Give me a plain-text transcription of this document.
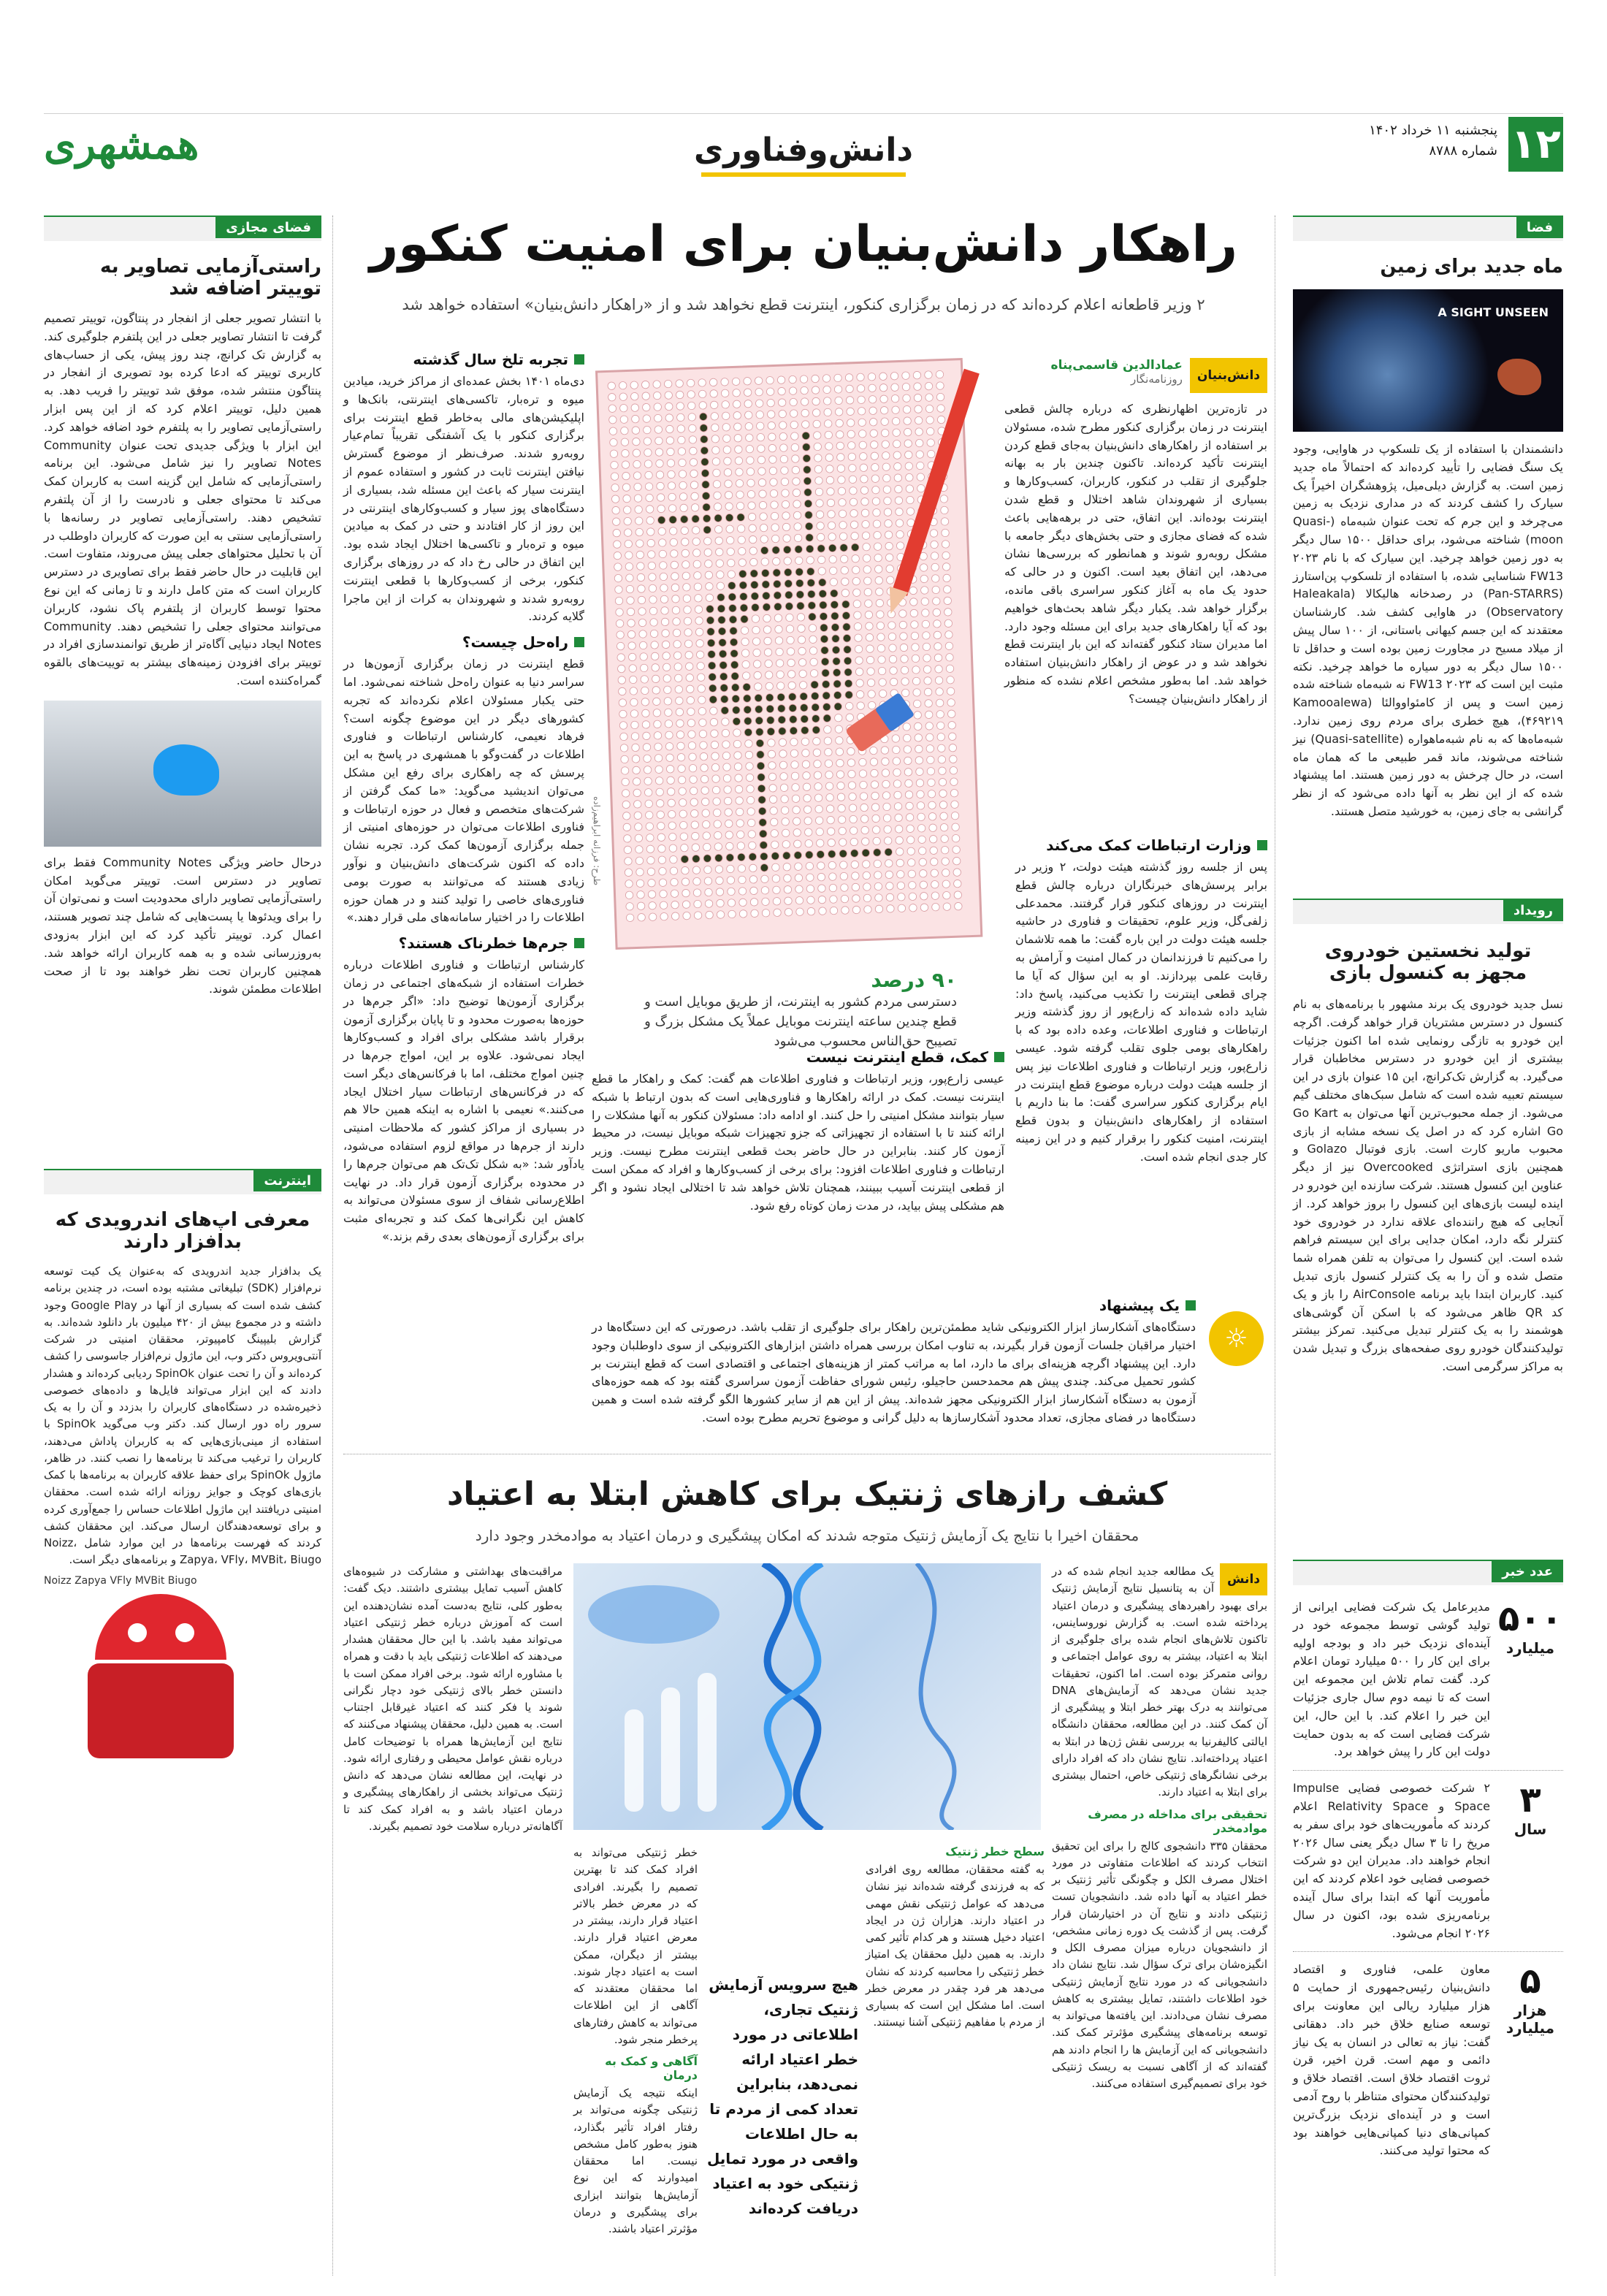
۱۲
پنجشنبه ۱۱ خرداد ۱۴۰۲
شماره ۸۷۸۸
دانش‌وفناوری
همشهری
فضا
ماه جدید برای زمین
A SIGHT UNSEEN

دانشمندان با استفاده از یک تلسکوپ در هاوایی، وجود یک سنگ فضایی را تأیید کرده‌اند که احتمالاً ماه جدید زمین است. به گزارش دیلی‌میل، پژوهشگران اخیراً یک سیارک را کشف کردند که در مداری نزدیک به زمین می‌چرخد و این جرم که تحت عنوان شبه‌ماه (Quasi-moon) شناخته می‌شود، برای حداقل ۱۵۰۰ سال دیگر به دور زمین خواهد چرخید. این سیارک که با نام ۲۰۲۳ FW13 شناسایی شده، با استفاده از تلسکوپ پن‌استارز (Pan-STARRS) در رصدخانه هالیکالا (Haleakala Observatory) در هاوایی کشف شد. کارشناسان معتقدند که این جسم کیهانی باستانی، از ۱۰۰ سال پیش از میلاد مسیح در مجاورت زمین بوده است و حداقل تا ۱۵۰۰ سال دیگر به دور سیاره ما خواهد چرخید. نکته مثبت این است که FW13 ۲۰۲۳ نه شبه‌ماه شناخته شده زمین است و پس از کامئو‌اووالئا (Kamooalewa ۴۶۹۲۱۹)، هیچ خطری برای مردم روی زمین ندارد. شبه‌ماه‌ها که به نام شبه‌ماهواره (Quasi-satellite) نیز شناخته می‌شوند، ماند قمر طبیعی ما که همان ماه است، در حال چرخش به دور زمین هستند. اما پیشنهاد شده که از این نظر به آنها داده می‌شود که از نظر گرانشی به جای زمین، به خورشید متصل هستند.

رویداد
تولید نخستین خودروی مجهز به کنسول بازی

نسل جدید خودروی یک برند مشهور با برنامه‌های به نام کنسول در دسترس مشتریان قرار خواهد گرفت. اگرچه این خودرو به تازگی رونمایی شده اما اکنون جزئیات بیشتری از این خودرو در دسترس مخاطبان قرار می‌گیرد. به گزارش تک‌کرانچ، این ۱۵ عنوان بازی در این سیستم تعبیه شده است که شامل سبک‌های مختلف گیم می‌شود. از جمله محبوب‌ترین آنها می‌توان به Go Kart Go اشاره کرد که در اصل یک نسخه مشابه از بازی محبوب ماریو کارت است. بازی فوتبال Golazo و همچنین بازی استراتژی Overcooked نیز از دیگر عناوین این کنسول هستند. شرکت سازنده این خودرو در اینده لیست بازی‌های این کنسول را بروز خواهد کرد. از آنجایی که هیچ راننده‌ای علاقه ندارد در خودروی خود کنترلر نگه دارد، امکان جدایی برای این سیستم فراهم شده است. این کنسول را می‌توان به تلفن همراه شما متصل شده و آن را به یک کنترلر کنسول بازی تبدیل کنید. کاربران ابتدا باید برنامه AirConsole را باز و یک کد QR ظاهر می‌شود که با اسکن آن گوشی‌های هوشمند را به یک کنترلر تبدیل می‌کنید. تمرکز بیشتر تولیدکنندگان خودرو روی صفحه‌های بزرگ و تبدیل شدن به مراکز سرگرمی است.

عدد خبر
۵۰۰
میلیارد

مدیرعامل یک شرکت فضایی ایرانی از تولید گوشی توسط مجموعه خود در آینده‌ای نزدیک خبر داد و بودجه اولیه برای این کار را ۵۰۰ میلیارد تومان اعلام کرد. گفت تمام تلاش این مجموعه این است که تا نیمه دوم سال جاری جزئیات این خبر را اعلام کند. با این حال، این شرکت فضایی است که به بدون حمایت دولت این کار را پیش خواهد برد.

۳
سال

۲ شرکت خصوصی فضایی Impulse Space و Relativity Space اعلام کردند که مأموریت‌های خود برای سفر به مریخ را تا ۳ سال دیگر یعنی سال ۲۰۲۶ انجام خواهند داد. مدیران این دو شرکت خصوصی فضایی خود اعلام کردند که این مأموریت آنها که ابتدا برای سال آینده برنامه‌ریزی شده بود، اکنون در سال ۲۰۲۶ انجام می‌شود.

۵
هزار میلیارد

معاون علمی، فناوری و اقتصاد دانش‌بنیان رئیس‌جمهوری از حمایت ۵ هزار میلیارد ریالی این معاونت برای توسعه صنایع خلاق خبر داد. دهقانی گفت: نیاز به تعالی در انسان به یک نیاز دائمی و مهم است. قرن اخیر، قرن ثروت اقتصاد خلاق است. اقتصاد خلاق و تولیدکنندگان محتوای متناظر با روح آدمی است و در آینده‌ای نزدیک بزرگ‌ترین کمپانی‌های دنیا کمپانی‌هایی خواهند بود که محتوا تولید می‌کنند.

راهکار دانش‌بنیان برای امنیت کنکور
۲ وزیر قاطعانه اعلام کرده‌اند که در زمان برگزاری کنکور، اینترنت قطع نخواهد شد و از «راهکار دانش‌بنیان» استفاده خواهد شد
دانش‌بنیان
عمادالدین قاسمی‌پناه
روزنامه‌نگار

در تازه‌ترین اظهارنظری که درباره چالش قطعی اینترنت در زمان برگزاری کنکور مطرح شده، مسئولان بر استفاده از راهکارهای دانش‌بنیان به‌جای قطع کردن اینترنت تأکید کرده‌اند. تاکنون چندین بار به بهانه جلوگیری از تقلب در کنکور، کاربران، کسب‌وکارها و بسیاری از شهروندان شاهد اختلال و قطع شدن اینترنت بوده‌اند. این اتفاق، حتی در برهه‌هایی باعث شده که فضای مجازی و حتی بخش‌های دیگر جامعه با مشکل روبه‌رو شوند و همانطور که بررسی‌ها نشان می‌دهد، این اتفاق بعید است. اکنون و در حالی که حدود یک ماه به آغاز کنکور سراسری باقی مانده، برگزار خواهد شد. یکبار دیگر شاهد بحث‌های خواهیم بود که آیا راهکارهای جدید برای این مسئله وجود دارد. اما مدیران ستاد کنکور گفته‌اند که این بار اینترنت قطع نخواهد شد و در عوض از راهکار دانش‌بنیان استفاده خواهد شد. اما به‌طور مشخص اعلام نشده که منظور از راهکار دانش‌بنیان چیست؟

طرح: فرزانه ابراهیم‌زاده
تجربه تلخ سال گذشته

دی‌ماه ۱۴۰۱ بخش عمده‌ای از مراکز خرید، میادین میوه و تره‌بار، تاکسی‌های اینترنتی، بانک‌ها و اپلیکیشن‌های مالی به‌خاطر قطع اینترنت برای برگزاری کنکور با یک آشفتگی تقریباً تمام‌عیار روبه‌رو شدند. صرف‌نظر از موضوع گسترش نیافتن اینترنت ثابت در کشور و استفاده عموم از اینترنت سیار که باعث این مسئله شد، بسیاری از دستگاه‌های پوز سیار و کسب‌وکارهای اینترنتی در این روز از کار افتادند و حتی در کمک به میادین میوه و تره‌بار و تاکسی‌ها اختلال ایجاد شده بود. این اتفاق در حالی رخ داد که در روزهای برگزاری کنکور، برخی از کسب‌وکارها با قطعی اینترنت روبه‌رو شدند و شهروندان به کرات از این ماجرا گلایه کردند.

راه‌حل چیست؟

قطع اینترنت در زمان برگزاری آزمون‌ها در سراسر دنیا به عنوان راه‌حل شناخته نمی‌شود. اما حتی یکبار مسئولان اعلام نکرده‌اند که تجربه کشورهای دیگر در این موضوع چگونه است؟ فرهاد نعیمی، کارشناس ارتباطات و فناوری اطلاعات در گفت‌وگو با همشهری در پاسخ به این پرسش که چه راهکاری برای رفع این مشکل می‌توان اندیشید می‌گوید: «ما کمک گرفتن از شرکت‌های متخصص و فعال در حوزه ارتباطات و فناوری اطلاعات می‌توان در حوزه‌های امنیتی از جمله برگزاری آزمون‌ها کمک کرد. تجربه نشان داده که اکنون شرکت‌های دانش‌بنیان و نوآور زیادی هستند که می‌توانند به صورت بومی فناوری‌های خاصی را تولید کنند و در همان حوزه اطلاعات را در اختیار سامانه‌های ملی قرار دهند.»

جرم‌ها خطرناک هستند؟

کارشناس ارتباطات و فناوری اطلاعات درباره خطرات استفاده از شبکه‌های اجتماعی در زمان برگزاری آزمون‌ها توضیح داد: «اگر جرم‌ها در حوزه‌ها به‌صورت محدود و تا پایان برگزاری آزمون برقرار باشد مشکلی برای افراد و کسب‌وکارها ایجاد نمی‌شود. علاوه بر این، امواج جرم‌ها در چنین امواج مختلف، اما با فرکانس‌های دیگر است که در فرکانس‌های ارتباطات سیار اختلال ایجاد می‌کنند.» نعیمی با اشاره به اینکه همین حالا هم در بسیاری از مراکز کشور که ملاحظات امنیتی دارند از جرم‌ها در مواقع لزوم استفاده می‌شود، یادآور شد: «به شکل تک‌تک هم می‌توان جرم‌ها را در محدوده برگزاری آزمون قرار داد. در نهایت اطلاع‌رسانی شفاف از سوی مسئولان می‌تواند به کاهش این نگرانی‌ها کمک کند و تجربه‌ای مثبت برای برگزاری آزمون‌های بعدی رقم بزند.»

وزارت ارتباطات کمک می‌کند

پس از جلسه روز گذشته هیئت دولت، ۲ وزیر در برابر پرسش‌های خبرنگاران درباره چالش قطع اینترنت در روزهای کنکور قرار گرفتند. محمدعلی زلفی‌گل، وزیر علوم، تحقیقات و فناوری در حاشیه جلسه هیئت دولت در این باره گفت: ما همه تلاشمان را می‌کنیم تا فرزندانمان در کمال امنیت و آرامش به رقابت علمی بپردازند. او به این سؤال که آیا ما چرای قطعی اینترنت را تکذیب می‌کنید، پاسخ داد: شاید داده شده‌اند که زارع‌پور از روز گذشته وزیر ارتباطات و فناوری اطلاعات، وعده داده بود که با راهکارهای بومی جلوی تقلب گرفته شود. عیسی زارع‌پور، وزیر ارتباطات و فناوری اطلاعات نیز پس از جلسه هیئت دولت درباره موضوع قطع اینترنت در ایام برگزاری کنکور سراسری گفت: ما بنا داریم با استفاده از راهکارهای دانش‌بنیان و بدون قطع اینترنت، امنیت کنکور را برقرار کنیم و در این زمینه کار جدی انجام شده است.

۹۰ درصد
دسترسی مردم کشور به اینترنت، از طریق موبایل است و قطع چندین ساعته اینترنت موبایل عملاً یک مشکل بزرگ و تصیبح حق‌الناس محسوب می‌شود
کمک، قطع اینترنت نیست

عیسی زارع‌پور، وزیر ارتباطات و فناوری اطلاعات هم گفت: کمک و راهکار ما قطع اینترنت نیست. کمک در ارائه راهکارها و فناوری‌هایی است که بدون ارتباط با شبکه سیار بتوانند مشکل امنیتی را حل کنند. او ادامه داد: مسئولان کنکور به آنها مشکلات را ارائه کنند تا با استفاده از تجهیزاتی که جزو تجهیزات شبکه موبایل نیست، در محیط آزمون کار کنند. بنابراین در حال حاضر بحث قطعی اینترنت مطرح نیست. وزیر ارتباطات و فناوری اطلاعات افزود: برای برخی از کسب‌وکارها و افراد که ممکن است از قطعی اینترنت آسیب ببینند، همچنان تلاش خواهد شد تا اختلالی ایجاد نشود و اگر هم مشکلی پیش بیاید، در مدت زمان کوتاه رفع شود.

☼
یک پیشنهاد

دستگاه‌های آشکارساز ابزار الکترونیکی شاید مطمئن‌ترین راهکار برای جلوگیری از تقلب باشد. درصورتی که این دستگاه‌ها در اختیار مراقبان جلسات آزمون قرار بگیرند، به تناوب امکان بررسی همراه داشتن ابزارهای الکترونیکی از سوی داوطلبان وجود دارد. این پیشنهاد اگرچه هزینه‌ای برای ما دارد، اما به مراتب کمتر از هزینه‌های اجتماعی و اقتصادی است که قطع اینترنت بر کشور تحمیل می‌کند. چندی پیش هم محمدحسن حاجیلو، رئیس شورای حفاظت آزمون سراسری گفته بود که همه حوزه‌های آزمون به دستگاه آشکارساز ابزار الکترونیکی مجهز شده‌اند. پیش از این هم از سایر کشورها الگو گرفته شده است و همین دستگاه‌ها در فضای مجازی، تعداد محدود آشکارسازها به دلیل گرانی و موضوع تحریم مطرح بوده است.

کشف رازهای ژنتیک برای کاهش ابتلا به اعتیاد
محققان اخیرا با نتایج یک آزمایش ژنتیک متوجه شدند که امکان پیشگیری و درمان اعتیاد به موادمخدر وجود دارد
دانش

یک مطالعه جدید انجام شده که در آن به پتانسیل نتایج آزمایش ژنتیک برای بهبود راهبردهای پیشگیری و درمان اعتیاد پرداخته شده است. به گزارش نوروساینس، تاکنون تلاش‌های انجام شده برای جلوگیری از ابتلا به اعتیاد، بیشتر به روی عوامل اجتماعی و روانی متمرکز بوده است. اما اکنون، تحقیقات جدید نشان می‌دهد که آزمایش‌های DNA می‌توانند به درک بهتر خطر ابتلا و پیشگیری از آن کمک کنند. در این مطالعه، محققان دانشگاه ایالتی کالیفرنیا به بررسی نقش ژن‌ها در ابتلا به اعتیاد پرداخته‌اند. نتایج نشان داد که افراد دارای برخی نشانگرهای ژنتیکی خاص، احتمال بیشتری برای ابتلا به اعتیاد دارند.

تحقیقی برای مداخله در مصرف موادمخدر

محققان ۳۳۵ دانشجوی کالج را برای این تحقیق انتخاب کردند که اطلاعات متفاوتی در مورد اختلال مصرف الکل و چگونگی تأثیر ژنتیک بر خطر اعتیاد به آنها داده شد. دانشجویان تست ژنتیکی دادند و نتایج آن در اختیارشان قرار گرفت. پس از گذشت یک دوره زمانی مشخص، از دانشجویان درباره میزان مصرف الکل و انگیزه‌شان برای ترک سؤال شد. نتایج نشان داد دانشجویانی که در مورد نتایج آزمایش ژنتیکی خود اطلاعات داشتند، تمایل بیشتری به کاهش مصرف نشان می‌دادند. این یافته‌ها می‌تواند به توسعه برنامه‌های پیشگیری مؤثرتر کمک کند. دانشجویانی که این آزمایش ها را انجام دادند هم گفته‌اند که از آگاهی نسبت به ریسک ژنتیکی خود برای تصمیم‌گیری استفاده می‌کنند.

سطح خطر ژنتیک

به گفته محققان، مطالعه روی افرادی که به فرزندی گرفته شده‌اند نیز نشان می‌دهد که عوامل ژنتیکی نقش مهمی در اعتیاد دارند. هزاران ژن در ایجاد اعتیاد دخیل هستند و هر کدام تأثیر کمی دارند. به همین دلیل محققان یک امتیاز خطر ژنتیکی را محاسبه کردند که نشان می‌دهد هر فرد چقدر در معرض خطر است. اما مشکل این است که بسیاری از مردم با مفاهیم ژنتیکی آشنا نیستند.

هیچ سرویس آزمایش ژنتیک تجاری، اطلاعاتی در مورد خطر اعتیاد ارائه نمی‌دهد، بنابراین تعداد کمی از مردم تا به حال اطلاعات واقعی در مورد تمایل ژنتیکی خود به اعتیاد دریافت کرده‌اند

خطر ژنتیکی می‌تواند به افراد کمک کند تا بهترین تصمیم را بگیرند. افرادی که در معرض خطر بالاتر اعتیاد قرار دارند، بیشتر در معرض اعتیاد قرار دارند. بیشتر از دیگران، ممکن است به اعتیاد دچار شوند. اما محققان معتقدند که آگاهی از این اطلاعات می‌تواند به کاهش رفتارهای پرخطر منجر شود.

آگاهی و کمک به درمان

اینکه نتیجه یک آزمایش ژنتیکی چگونه می‌تواند بر رفتار افراد تأثیر بگذارد، هنوز به‌طور کامل مشخص نیست. اما محققان امیدوارند که این نوع آزمایش‌ها بتوانند ابزاری برای پیشگیری و درمان مؤثرتر اعتیاد باشند.

مراقبت‌های بهداشتی و مشارکت در شیوه‌های کاهش آسیب تمایل بیشتری داشتند. دیک گفت: به‌طور کلی، نتایج به‌دست آمده نشان‌دهنده این است که آموزش درباره خطر ژنتیکی اعتیاد می‌تواند مفید باشد. با این حال محققان هشدار می‌دهند که اطلاعات ژنتیکی باید با دقت و همراه با مشاوره ارائه شود. برخی افراد ممکن است با دانستن خطر بالای ژنتیکی خود دچار نگرانی شوند یا فکر کنند که اعتیاد غیرقابل اجتناب است. به همین دلیل، محققان پیشنهاد می‌کنند که نتایج این آزمایش‌ها همراه با توضیحات کامل درباره نقش عوامل محیطی و رفتاری ارائه شود. در نهایت، این مطالعه نشان می‌دهد که دانش ژنتیک می‌تواند بخشی از راهکارهای پیشگیری و درمان اعتیاد باشد و به افراد کمک کند تا آگاهانه‌تر درباره سلامت خود تصمیم بگیرند.

فضای مجازی
راستی‌آزمایی تصاویر به توییتر اضافه شد

با انتشار تصویر جعلی از انفجار در پنتاگون، توییتر تصمیم گرفت تا انتشار تصاویر جعلی در این پلتفرم جلوگیری کند. به گزارش تک کرانچ، چند روز پیش، یکی از حساب‌های کاربری توییتر که ادعا کرده بود تصویری از انفجار در پنتاگون منتشر شده، موفق شد توییتر را فریب دهد. به همین دلیل، توییتر اعلام کرد که از این پس ابزار راستی‌آزمایی تصاویر را به پلتفرم خود اضافه خواهد کرد. این ابزار با ویژگی جدیدی تحت عنوان Community Notes تصاویر را نیز شامل می‌شود. این برنامه راستی‌آزمایی که شامل این گزینه است به کاربران کمک می‌کند تا محتوای جعلی و نادرست را از آن پلتفرم تشخیص دهند. راستی‌آزمایی تصاویر در رسانه‌ها با راستی‌آزمایی سنتی به این صورت که کاربران داوطلب در آن با تحلیل محتواهای جعلی پیش می‌روند، متفاوت است. این قابلیت در حال حاضر فقط برای تصاویری در دسترس کاربران است که متن کامل دارند و تا زمانی که این نوع محتوا توسط کاربران از پلتفرم پاک نشود، کاربران می‌توانند محتوای جعلی را تشخیص دهند. Community Notes ایجاد دنیایی آگاه‌تر از طریق توانمندسازی افراد در توییتر برای افزودن زمینه‌های بیشتر به توییت‌های بالقوه گمراه‌کننده است.

درحال حاضر ویژگی Community Notes فقط برای تصاویر در دسترس است. توییتر می‌گوید امکان راستی‌آزمایی تصاویر دارای محدودیت است و نمی‌توان آن را برای ویدئوها یا پست‌هایی که شامل چند تصویر هستند، اعمال کرد. توییتر تأکید کرد که این ابزار به‌زودی به‌روزرسانی شده و به همه کاربران ارائه خواهد شد. همچنین کاربران تحت نظر خواهند بود تا از صحت اطلاعات مطمئن شوند.

اینترنت
معرفی اپ‌های اندرویدی که بدافزار دارند

یک بدافزار جدید اندرویدی که به‌عنوان یک کیت توسعه نرم‌افزار (SDK) تبلیغاتی مشتبه بوده است، در چندین برنامه کشف شده است که بسیاری از آنها در Google Play وجود داشته و در مجموع بیش از ۴۲۰ میلیون بار دانلود شده‌اند. به گزارش بلیپینگ کامپیوتر، محققان امنیتی در شرکت آنتی‌ویروس دکتر وب، این ماژول نرم‌افزار جاسوسی را کشف کرده‌اند و آن را تحت عنوان SpinOk ردیابی کرده‌اند و هشدار دادند که این ابزار می‌تواند فایل‌ها و داده‌های خصوصی ذخیره‌شده در دستگاه‌های کاربران را بدزدد و آن را به یک سرور راه دور ارسال کند. دکتر وب می‌گوید SpinOk با استفاده از مینی‌بازی‌هایی که به کاربران پاداش می‌دهند، کاربران را ترغیب می‌کند تا برنامه‌ها را نصب کنند. در ظاهر، ماژول SpinOk برای حفظ علاقه کاربران به برنامه‌ها با کمک بازی‌های کوچک و جوایز روزانه ارائه شده است. محققان امنیتی دریافتند این ماژول اطلاعات حساس را جمع‌آوری کرده و برای توسعه‌دهندگان ارسال می‌کند. این محققان کشف کردند که فهرست برنامه‌ها در این موارد شامل Noizz، Zapya، VFly، MVBit، Biugo و برنامه‌های دیگر است.

Noizz Zapya VFly MVBit Biugo
